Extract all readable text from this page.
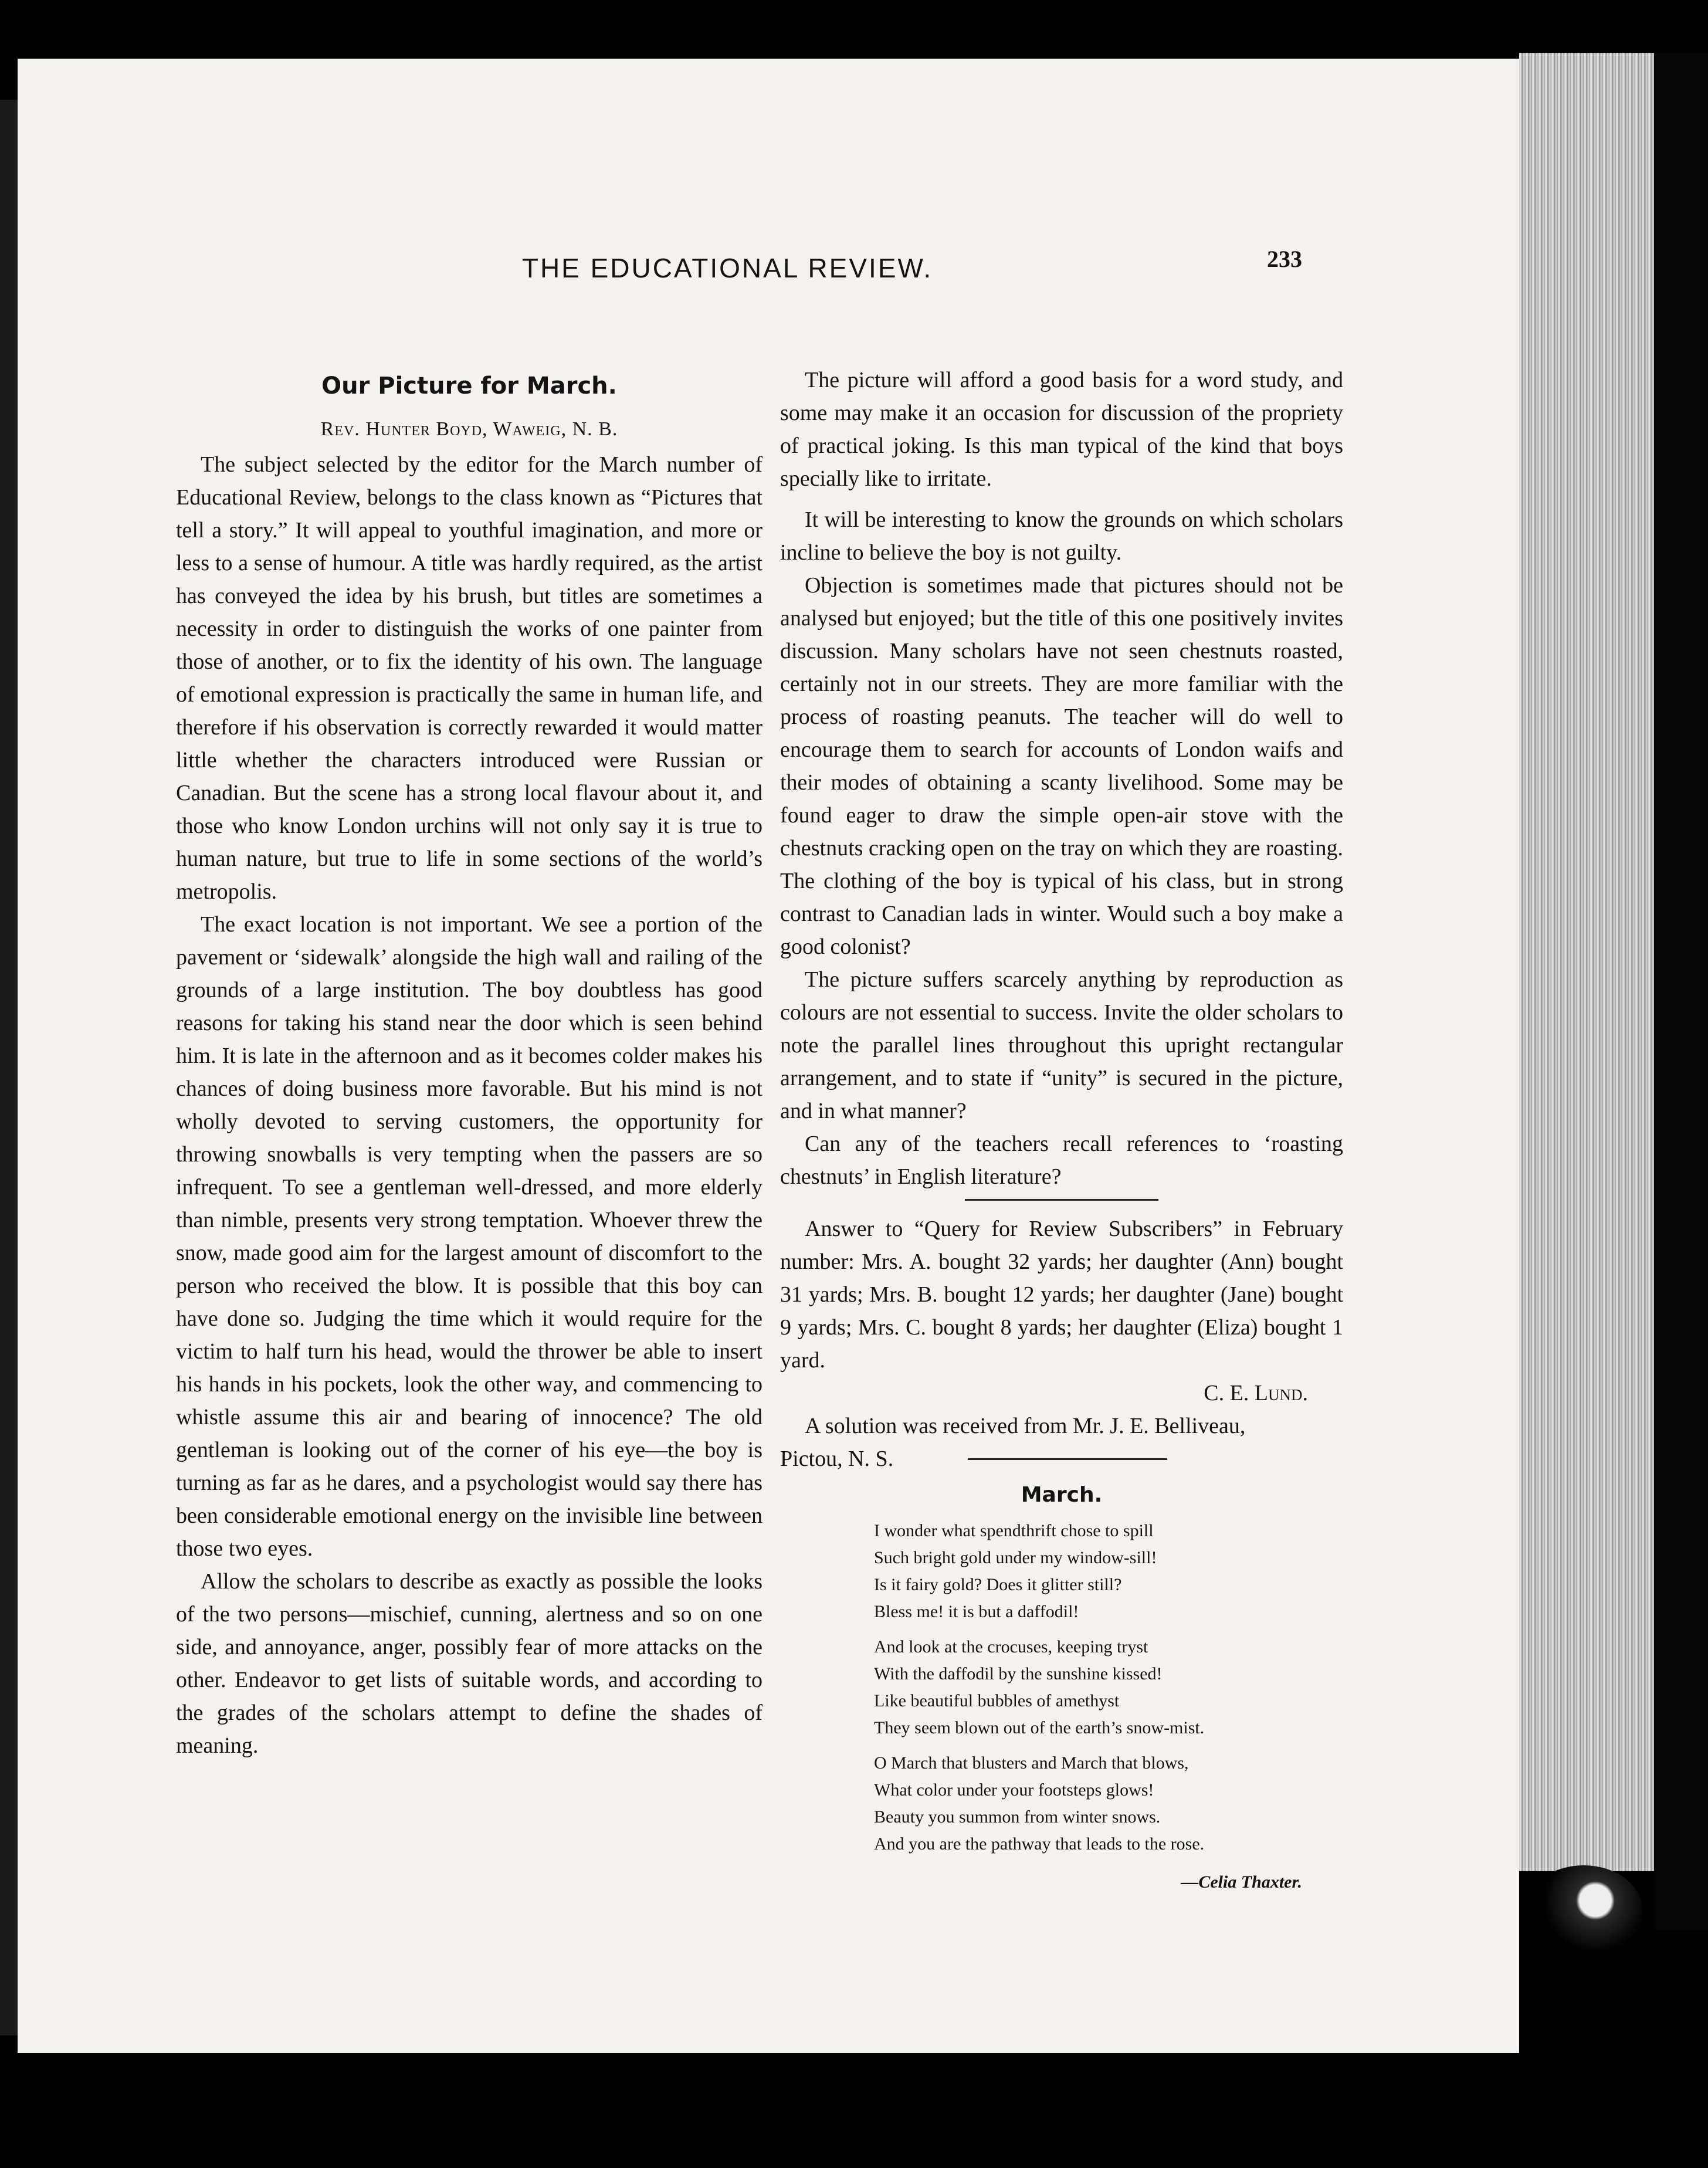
THE EDUCATIONAL REVIEW.	233
Our Picture for March.
Rev. Hunter Boyd, Waweig, N. B.

The subject selected by the editor for the March number of Educational Review, belongs to the class known as “Pictures that tell a story.” It will appeal to youthful imagination, and more or less to a sense of humour. A title was hardly required, as the artist has conveyed the idea by his brush, but titles are sometimes a necessity in order to distinguish the works of one painter from those of another, or to fix the identity of his own. The language of emotional expression is practically the same in human life, and therefore if his observation is correctly rewarded it would matter little whether the characters introduced were Russian or Canadian. But the scene has a strong local flavour about it, and those who know London urchins will not only say it is true to human nature, but true to life in some sections of the world’s metropolis.

The exact location is not important. We see a portion of the pavement or ‘sidewalk’ alongside the high wall and railing of the grounds of a large institution. The boy doubtless has good reasons for taking his stand near the door which is seen behind him. It is late in the afternoon and as it becomes colder makes his chances of doing business more favorable. But his mind is not wholly devoted to serving customers, the opportunity for throwing snowballs is very tempting when the passers are so infrequent. To see a gentleman well-dressed, and more elderly than nimble, presents very strong temptation. Whoever threw the snow, made good aim for the largest amount of discomfort to the person who received the blow. It is possible that this boy can have done so. Judging the time which it would require for the victim to half turn his head, would the thrower be able to insert his hands in his pockets, look the other way, and commencing to whistle assume this air and bearing of innocence? The old gentleman is looking out of the corner of his eye—the boy is turning as far as he dares, and a psychologist would say there has been considerable emotional energy on the invisible line between those two eyes.

Allow the scholars to describe as exactly as possible the looks of the two persons—mischief, cunning, alertness and so on one side, and annoyance, anger, possibly fear of more attacks on the other. Endeavor to get lists of suitable words, and according to the grades of the scholars attempt to define the shades of meaning.

The picture will afford a good basis for a word study, and some may make it an occasion for discussion of the propriety of practical joking. Is this man typical of the kind that boys specially like to irritate.

It will be interesting to know the grounds on which scholars incline to believe the boy is not guilty.

Objection is sometimes made that pictures should not be analysed but enjoyed; but the title of this one positively invites discussion. Many scholars have not seen chestnuts roasted, certainly not in our streets. They are more familiar with the process of roasting peanuts. The teacher will do well to encourage them to search for accounts of London waifs and their modes of obtaining a scanty livelihood. Some may be found eager to draw the simple open-air stove with the chestnuts cracking open on the tray on which they are roasting. The clothing of the boy is typical of his class, but in strong contrast to Canadian lads in winter. Would such a boy make a good colonist?

The picture suffers scarcely anything by reproduction as colours are not essential to success. Invite the older scholars to note the parallel lines throughout this upright rectangular arrangement, and to state if “unity” is secured in the picture, and in what manner?

Can any of the teachers recall references to ‘roasting chestnuts’ in English literature?

Answer to “Query for Review Subscribers” in February number: Mrs. A. bought 32 yards; her daughter (Ann) bought 31 yards; Mrs. B. bought 12 yards; her daughter (Jane) bought 9 yards; Mrs. C. bought 8 yards; her daughter (Eliza) bought 1 yard.

C. E. Lund.

A solution was received from Mr. J. E. Belliveau,

Pictou, N. S.
March.
I wonder what spendthrift chose to spill
Such bright gold under my window-sill!
Is it fairy gold? Does it glitter still?
Bless me! it is but a daffodil!
And look at the crocuses, keeping tryst
With the daffodil by the sunshine kissed!
Like beautiful bubbles of amethyst
They seem blown out of the earth’s snow-mist.
O March that blusters and March that blows,
What color under your footsteps glows!
Beauty you summon from winter snows.
And you are the pathway that leads to the rose.
—Celia Thaxter.
